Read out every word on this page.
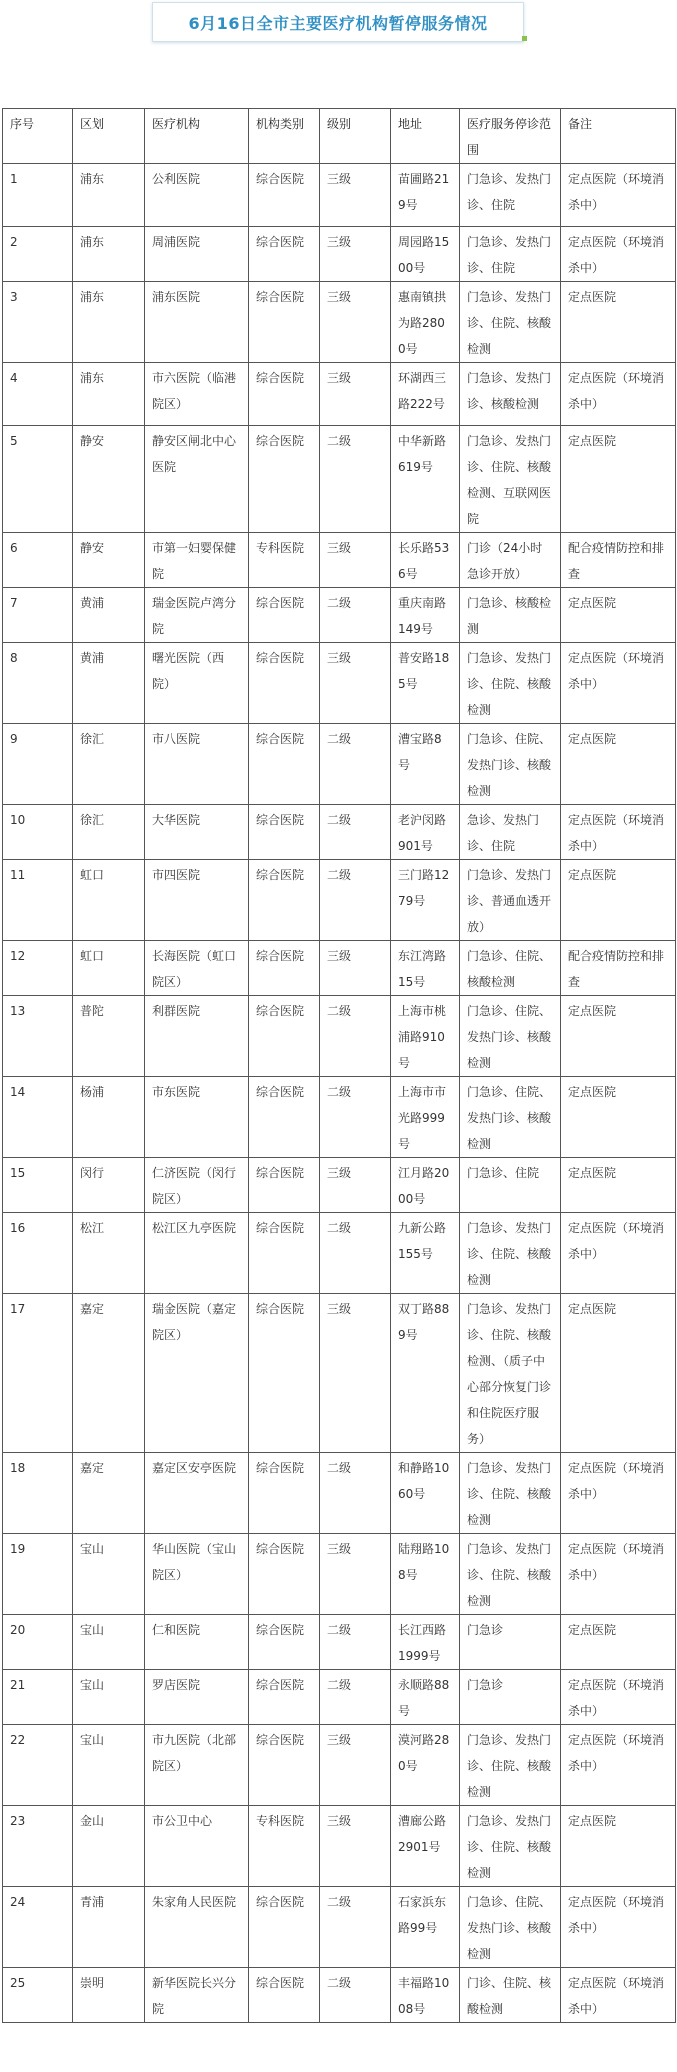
6月16日全市主要医疗机构暂停服务情况
序号	区划	医疗机构	机构类别	级别	地址	医疗服务停诊范围	备注
1	浦东	公利医院	综合医院	三级	苗圃路219号	门急诊、发热门诊、住院	定点医院（环境消杀中）
2	浦东	周浦医院	综合医院	三级	周园路1500号	门急诊、发热门诊、住院	定点医院（环境消杀中）
3	浦东	浦东医院	综合医院	三级	惠南镇拱为路2800号	门急诊、发热门诊、住院、核酸检测	定点医院
4	浦东	市六医院（临港院区）	综合医院	三级	环湖西三路222号	门急诊、发热门诊、核酸检测	定点医院（环境消杀中）
5	静安	静安区闸北中心医院	综合医院	二级	中华新路619号	门急诊、发热门诊、住院、核酸检测、互联网医院	定点医院
6	静安	市第一妇婴保健院	专科医院	三级	长乐路536号	门诊（24小时急诊开放）	配合疫情防控和排查
7	黄浦	瑞金医院卢湾分院	综合医院	二级	重庆南路149号	门急诊、核酸检测	定点医院
8	黄浦	曙光医院（西院）	综合医院	三级	普安路185号	门急诊、发热门诊、住院、核酸检测	定点医院（环境消杀中）
9	徐汇	市八医院	综合医院	二级	漕宝路8号	门急诊、住院、发热门诊、核酸检测	定点医院
10	徐汇	大华医院	综合医院	二级	老沪闵路901号	急诊、发热门诊、住院	定点医院（环境消杀中）
11	虹口	市四医院	综合医院	二级	三门路1279号	门急诊、发热门诊、普通血透开放）	定点医院
12	虹口	长海医院（虹口院区）	综合医院	三级	东江湾路15号	门急诊、住院、核酸检测	配合疫情防控和排查
13	普陀	利群医院	综合医院	二级	上海市桃浦路910号	门急诊、住院、发热门诊、核酸检测	定点医院
14	杨浦	市东医院	综合医院	二级	上海市市光路999号	门急诊、住院、发热门诊、核酸检测	定点医院
15	闵行	仁济医院（闵行院区）	综合医院	三级	江月路2000号	门急诊、住院	定点医院
16	松江	松江区九亭医院	综合医院	二级	九新公路155号	门急诊、发热门诊、住院、核酸检测	定点医院（环境消杀中）
17	嘉定	瑞金医院（嘉定院区）	综合医院	三级	双丁路889号	门急诊、发热门诊、住院、核酸检测、（质子中心部分恢复门诊和住院医疗服务）	定点医院
18	嘉定	嘉定区安亭医院	综合医院	二级	和静路1060号	门急诊、发热门诊、住院、核酸检测	定点医院（环境消杀中）
19	宝山	华山医院（宝山院区）	综合医院	三级	陆翔路108号	门急诊、发热门诊、住院、核酸检测	定点医院（环境消杀中）
20	宝山	仁和医院	综合医院	二级	长江西路1999号	门急诊	定点医院
21	宝山	罗店医院	综合医院	二级	永顺路88号	门急诊	定点医院（环境消杀中）
22	宝山	市九医院（北部院区）	综合医院	三级	漠河路280号	门急诊、发热门诊、住院、核酸检测	定点医院（环境消杀中）
23	金山	市公卫中心	专科医院	三级	漕廊公路2901号	门急诊、发热门诊、住院、核酸检测	定点医院
24	青浦	朱家角人民医院	综合医院	二级	石家浜东路99号	门急诊、住院、发热门诊、核酸检测	定点医院（环境消杀中）
25	崇明	新华医院长兴分院	综合医院	二级	丰福路1008号	门诊、住院、核酸检测	定点医院（环境消杀中）
